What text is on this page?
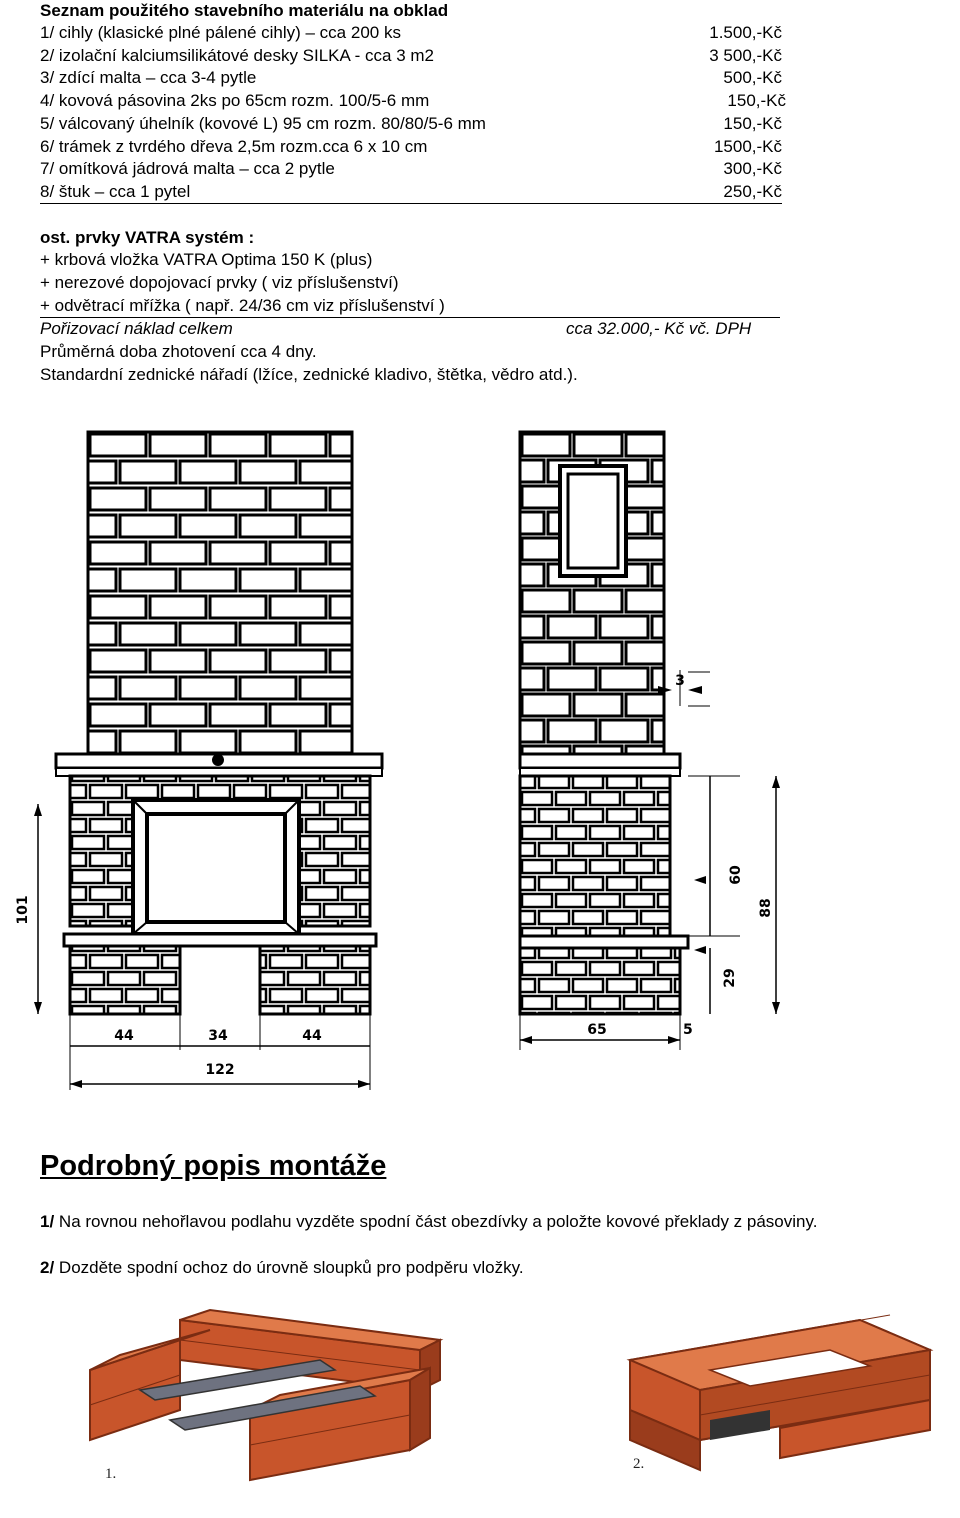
Seznam použitého stavebního materiálu na obklad
1/ cihly (klasické plné pálené cihly) – cca 200 ks	1.500,-Kč
2/ izolační kalciumsilikátové desky SILKA - cca 3 m2	3 500,-Kč
3/ zdící malta – cca 3-4 pytle	500,-Kč
4/ kovová pásovina 2ks po 65cm rozm. 100/5-6 mm	150,-Kč
5/ válcovaný úhelník (kovové L) 95 cm rozm. 80/80/5-6 mm	150,-Kč
6/ trámek z tvrdého dřeva 2,5m rozm.cca 6 x 10 cm	1500,-Kč
7/ omítková jádrová malta – cca 2 pytle	300,-Kč
8/ štuk – cca 1 pytel	250,-Kč
ost. prvky VATRA systém :
+ krbová vložka VATRA Optima 150 K (plus)
+ nerezové dopojovací prvky ( viz příslušenství)
+ odvětrací mřížka ( např. 24/36 cm viz příslušenství )
Pořizovací náklad celkem	cca 32.000,- Kč vč. DPH
Průměrná doba zhotovení cca 4 dny.
Standardní zednické nářadí (lžíce, zednické kladivo, štětka, vědro atd.).
101
44	34	44
122
3
60
88
29
65	5
Podrobný popis montáže
1/ Na rovnou nehořlavou podlahu vyzděte spodní část obezdívky a položte kovové překlady z pásoviny.
2/ Dozděte spodní ochoz do úrovně sloupků pro podpěru vložky.
1.
2.
